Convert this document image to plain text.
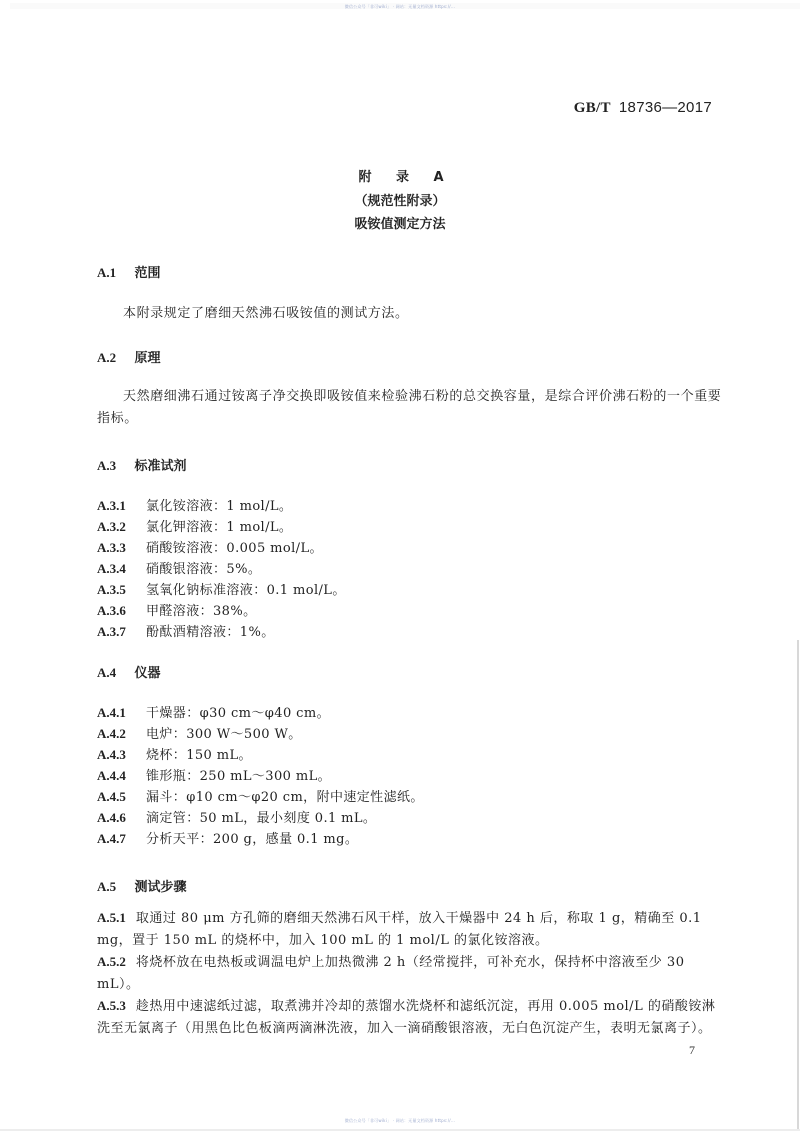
微信公众号「非可wiki」 · 网站：无量文档资源 https://...
GB/T 18736—2017
附 录 A
（规范性附录）
吸铵值测定方法
A.1 范围
本附录规定了磨细天然沸石吸铵值的测试方法。
A.2 原理
天然磨细沸石通过铵离子净交换即吸铵值来检验沸石粉的总交换容量，是综合评价沸石粉的一个重要指标。
A.3 标准试剂
A.3.1 氯化铵溶液：1 mol/L。
A.3.2 氯化钾溶液：1 mol/L。
A.3.3 硝酸铵溶液：0.005 mol/L。
A.3.4 硝酸银溶液：5%。
A.3.5 氢氧化钠标准溶液：0.1 mol/L。
A.3.6 甲醛溶液：38%。
A.3.7 酚酞酒精溶液：1%。
A.4 仪器
A.4.1 干燥器：φ30 cm～φ40 cm。
A.4.2 电炉：300 W～500 W。
A.4.3 烧杯：150 mL。
A.4.4 锥形瓶：250 mL～300 mL。
A.4.5 漏斗：φ10 cm～φ20 cm，附中速定性滤纸。
A.4.6 滴定管：50 mL，最小刻度 0.1 mL。
A.4.7 分析天平：200 g，感量 0.1 mg。
A.5 测试步骤
A.5.1 取通过 80 μm 方孔筛的磨细天然沸石风干样，放入干燥器中 24 h 后，称取 1 g，精确至 0.1 mg，置于 150 mL 的烧杯中，加入 100 mL 的 1 mol/L 的氯化铵溶液。
A.5.2 将烧杯放在电热板或调温电炉上加热微沸 2 h（经常搅拌，可补充水，保持杯中溶液至少 30 mL）。
A.5.3 趁热用中速滤纸过滤，取煮沸并冷却的蒸馏水洗烧杯和滤纸沉淀，再用 0.005 mol/L 的硝酸铵淋洗至无氯离子（用黑色比色板滴两滴淋洗液，加入一滴硝酸银溶液，无白色沉淀产生，表明无氯离子）。
7
微信公众号「非可wiki」 · 网站：无量文档资源 https://...
